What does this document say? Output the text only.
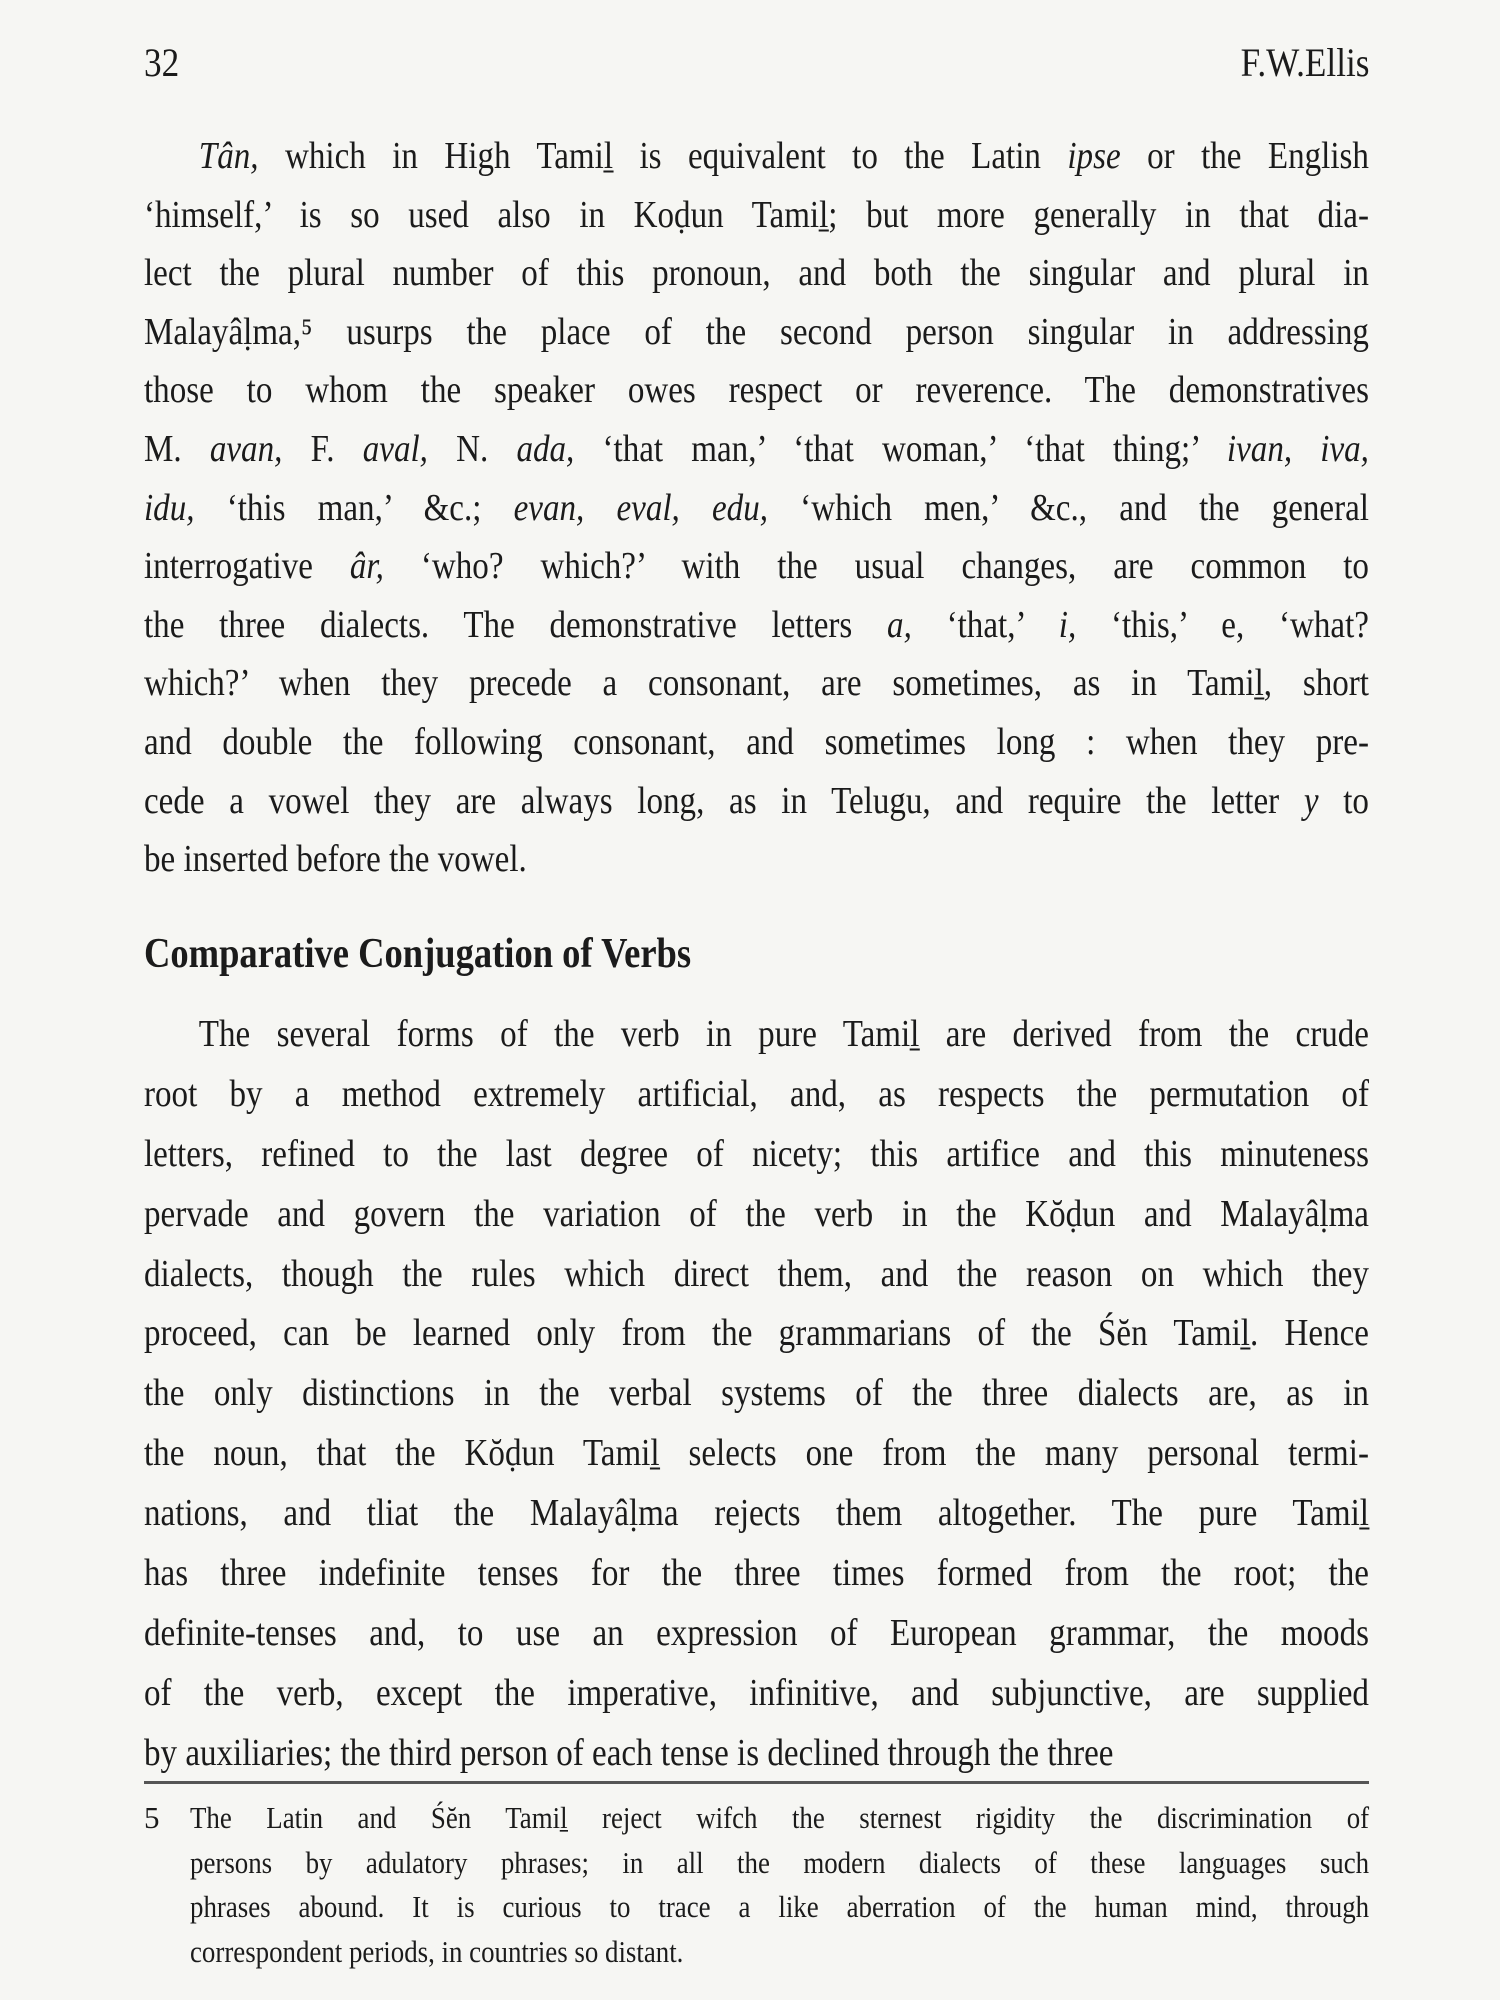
32	F.W.Ellis
Tân, which in High Tamiḻ is equivalent to the Latin ipse or the English
‘himself,’ is so used also in Koḍun Tamiḻ; but more generally in that dia-
lect the plural number of this pronoun, and both the singular and plural in
Malayâḷma,⁵ usurps the place of the second person singular in addressing
those to whom the speaker owes respect or reverence. The demonstratives
M. avan, F. aval, N. ada, ‘that man,’ ‘that woman,’ ‘that thing;’ ivan, iva,
idu, ‘this man,’ &c.; evan, eval, edu, ‘which men,’ &c., and the general
interrogative âr, ‘who? which?’ with the usual changes, are common to
the three dialects. The demonstrative letters a, ‘that,’ i, ‘this,’ e, ‘what?
which?’ when they precede a consonant, are sometimes, as in Tamiḻ, short
and double the following consonant, and sometimes long : when they pre-
cede a vowel they are always long, as in Telugu, and require the letter y to
be inserted before the vowel.
Comparative Conjugation of Verbs
The several forms of the verb in pure Tamiḻ are derived from the crude
root by a method extremely artificial, and, as respects the permutation of
letters, refined to the last degree of nicety; this artifice and this minuteness
pervade and govern the variation of the verb in the Kŏḍun and Malayâḷma
dialects, though the rules which direct them, and the reason on which they
proceed, can be learned only from the grammarians of the Śĕn Tamiḻ. Hence
the only distinctions in the verbal systems of the three dialects are, as in
the noun, that the Kŏḍun Tamiḻ selects one from the many personal termi-
nations, and tliat the Malayâḷma rejects them altogether. The pure Tamiḻ
has three indefinite tenses for the three times formed from the root; the
definite-tenses and, to use an expression of European grammar, the moods
of the verb, except the imperative, infinitive, and subjunctive, are supplied
by auxiliaries; the third person of each tense is declined through the three
5 The Latin and Śĕn Tamiḻ reject wifch the sternest rigidity the discrimination of
persons by adulatory phrases; in all the modern dialects of these languages such
phrases abound. It is curious to trace a like aberration of the human mind, through
correspondent periods, in countries so distant.
